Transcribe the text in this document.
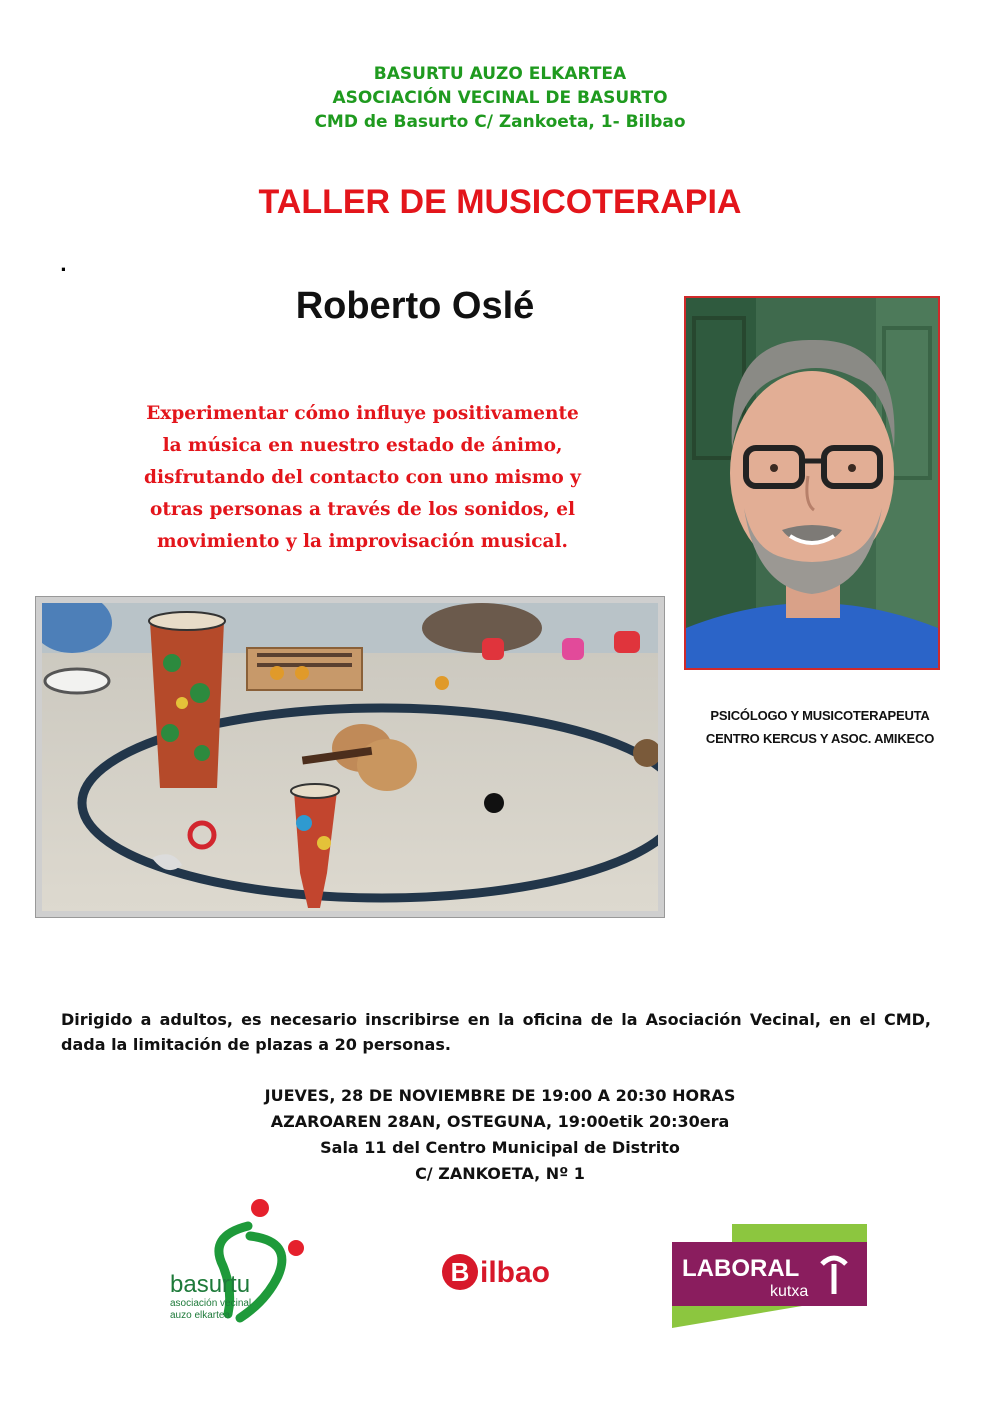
BASURTU AUZO ELKARTEA
ASOCIACIÓN VECINAL DE BASURTO
CMD de Basurto C/ Zankoeta, 1- Bilbao
TALLER DE MUSICOTERAPIA
.
Roberto Oslé
Experimentar cómo influye positivamente
la música en nuestro estado de ánimo,
disfrutando del contacto con uno mismo y
otras personas a través de los sonidos, el
movimiento y la improvisación musical.
PSICÓLOGO Y MUSICOTERAPEUTA
CENTRO KERCUS Y ASOC. AMIKECO
Dirigido a adultos, es necesario inscribirse en la oficina de la Asociación Vecinal, en el CMD, dada la limitación de plazas a 20 personas.
JUEVES, 28 DE NOVIEMBRE DE 19:00 A 20:30 HORAS
AZAROAREN 28AN, OSTEGUNA, 19:00etik 20:30era
Sala 11 del Centro Municipal de Distrito
C/ ZANKOETA, Nº 1
basurtu
asociación vecinal
auzo elkartea
B ilbao	LABORAL
kutxa
